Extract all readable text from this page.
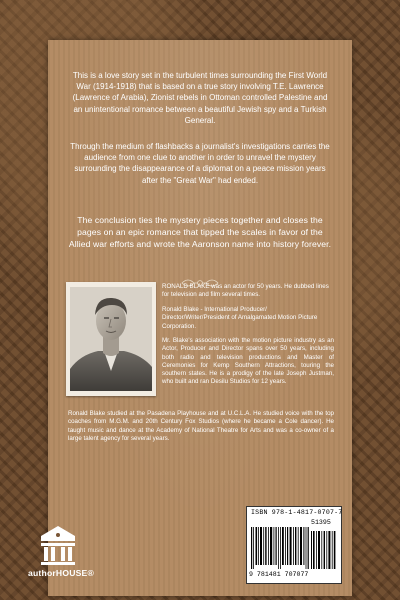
This is a love story set in the turbulent times surrounding the First World War (1914-1918) that is based on a true story involving T.E. Lawrence (Lawrence of Arabia), Zionist rebels in Ottoman controlled Palestine and an unintentional romance between a beautiful Jewish spy and a Turkish General.

Through the medium of flashbacks a journalist's investigations carries the audience from one clue to another in order to unravel the mystery surrounding the disappearance of a diplomat on a peace mission years after the "Great War" had ended.

The conclusion ties the mystery pieces together and closes the pages on an epic romance that tipped the scales in favor of the Allied war efforts and wrote the Aaronson name into history forever.

RONALD BLAKE was an actor for 50 years. He dubbed lines for television and film several times.

Ronald Blake - International Producer/ Director/Writer/President of Amalgamated Motion Picture Corporation.

Mr. Blake's association with the motion picture industry as an Actor, Producer and Director spans over 50 years, including both radio and television productions and Master of Ceremonies for Kemp Southern Attractions, touring the southern states. He is a prodigy of the late Joseph Justman, who built and ran Desilu Studios for 12 years.

Ronald Blake studied at the Pasadena Playhouse and at U.C.L.A. He studied voice with the top coaches from M.G.M. and 20th Century Fox Studios (where he became a Cole dancer). He taught music and dance at the Academy of National Theatre for Arts and was a co-owner of a large talent agency for several years.

authorHOUSE®
ISBN 978-1-4817-0707-7
51395
9 781481 707077
